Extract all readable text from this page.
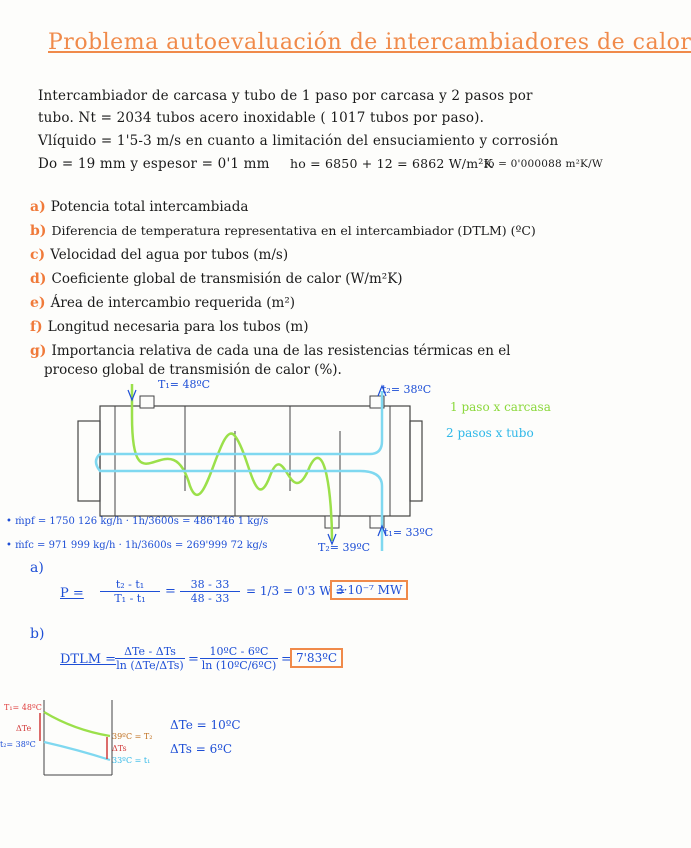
Problema autoevaluación de intercambiadores de calor
Intercambiador de carcasa y tubo de 1 paso por carcasa y 2 pasos por
tubo. Nt = 2034 tubos acero inoxidable ( 1017 tubos por paso).
Vlíquido = 1'5-3 m/s en cuanto a limitación del ensuciamiento y corrosión
Do = 19 mm y espesor = 0'1 mm ho = 6850 + 12 = 6862 W/m²K
fo = 0'000088 m²K/W
a) Potencia total intercambiada
b) Diferencia de temperatura representativa en el intercambiador (DTLM) (ºC)
c) Velocidad del agua por tubos (m/s)
d) Coeficiente global de transmisión de calor (W/m²K)
e) Área de intercambio requerida (m²)
f) Longitud necesaria para los tubos (m)
g) Importancia relativa de cada una de las resistencias térmicas en el
proceso global de transmisión de calor (%).
T₁= 48ºC	t₂= 38ºC
T₂= 39ºC
t₁= 33ºC
1 paso x carcasa
2 pasos x tubo
• ṁpf = 1750 126 kg/h · 1h/3600s = 486'146 1 kg/s
• ṁfc = 971 999 kg/h · 1h/3600s = 269'999 72 kg/s
a)
$P = \frac{\text{t₂ - t₁}}{\text{T₁ - t₁}} = \frac{38 - 33}{48 - 33} = 1/3 = 0'3$ W =
3·10⁻⁷ MW
b)
DTLM =
ΔTe - ΔTs
$\ln (\Delta Te/\Delta Ts) = \frac{\text{10ºC - 6ºC}}{\text{ln (10ºC/6ºC)}}$ = 7'83ºC
T₁= 48ºC
t₂= 38ºC
39ºC = T₂
33ºC = t₁
ΔTe
ΔTs
ΔTe = 10ºC
ΔTs = 6ºC
